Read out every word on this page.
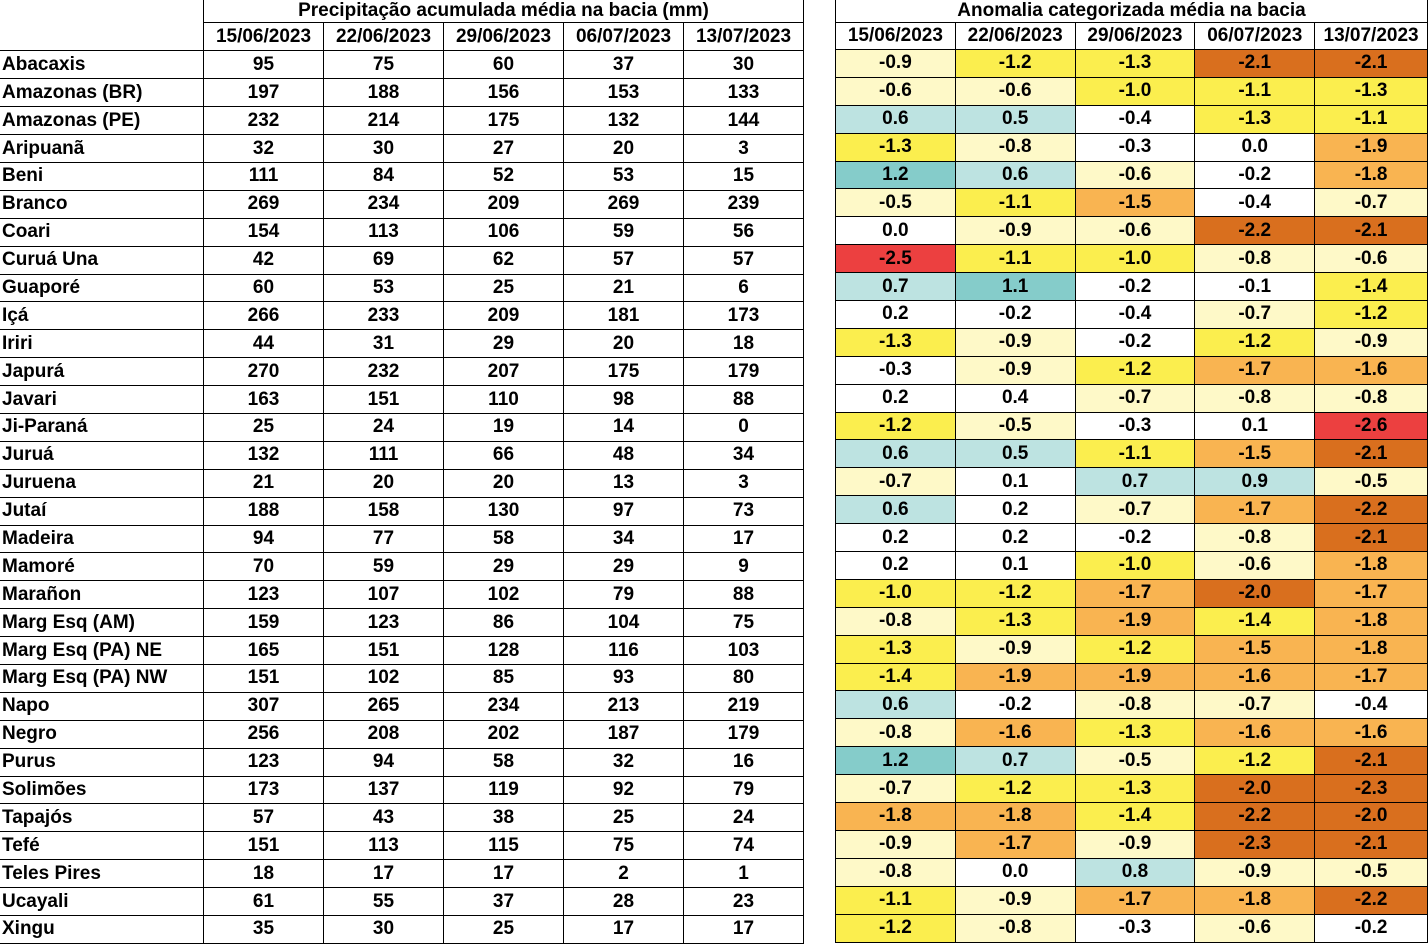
	Precipitação acumulada média na bacia (mm)				
	15/06/2023	22/06/2023	29/06/2023	06/07/2023	13/07/2023
Abacaxis	95	75	60	37	30
Amazonas (BR)	197	188	156	153	133
Amazonas (PE)	232	214	175	132	144
Aripuanã	32	30	27	20	3
Beni	111	84	52	53	15
Branco	269	234	209	269	239
Coari	154	113	106	59	56
Curuá Una	42	69	62	57	57
Guaporé	60	53	25	21	6
Içá	266	233	209	181	173
Iriri	44	31	29	20	18
Japurá	270	232	207	175	179
Javari	163	151	110	98	88
Ji-Paraná	25	24	19	14	0
Juruá	132	111	66	48	34
Juruena	21	20	20	13	3
Jutaí	188	158	130	97	73
Madeira	94	77	58	34	17
Mamoré	70	59	29	29	9
Marañon	123	107	102	79	88
Marg Esq (AM)	159	123	86	104	75
Marg Esq (PA) NE	165	151	128	116	103
Marg Esq (PA) NW	151	102	85	93	80
Napo	307	265	234	213	219
Negro	256	208	202	187	179
Purus	123	94	58	32	16
Solimões	173	137	119	92	79
Tapajós	57	43	38	25	24
Tefé	151	113	115	75	74
Teles Pires	18	17	17	2	1
Ucayali	61	55	37	28	23
Xingu	35	30	25	17	17
Anomalia categorizada média na bacia				
15/06/2023	22/06/2023	29/06/2023	06/07/2023	13/07/2023
-0.9	-1.2	-1.3	-2.1	-2.1
-0.6	-0.6	-1.0	-1.1	-1.3
0.6	0.5	-0.4	-1.3	-1.1
-1.3	-0.8	-0.3	0.0	-1.9
1.2	0.6	-0.6	-0.2	-1.8
-0.5	-1.1	-1.5	-0.4	-0.7
0.0	-0.9	-0.6	-2.2	-2.1
-2.5	-1.1	-1.0	-0.8	-0.6
0.7	1.1	-0.2	-0.1	-1.4
0.2	-0.2	-0.4	-0.7	-1.2
-1.3	-0.9	-0.2	-1.2	-0.9
-0.3	-0.9	-1.2	-1.7	-1.6
0.2	0.4	-0.7	-0.8	-0.8
-1.2	-0.5	-0.3	0.1	-2.6
0.6	0.5	-1.1	-1.5	-2.1
-0.7	0.1	0.7	0.9	-0.5
0.6	0.2	-0.7	-1.7	-2.2
0.2	0.2	-0.2	-0.8	-2.1
0.2	0.1	-1.0	-0.6	-1.8
-1.0	-1.2	-1.7	-2.0	-1.7
-0.8	-1.3	-1.9	-1.4	-1.8
-1.3	-0.9	-1.2	-1.5	-1.8
-1.4	-1.9	-1.9	-1.6	-1.7
0.6	-0.2	-0.8	-0.7	-0.4
-0.8	-1.6	-1.3	-1.6	-1.6
1.2	0.7	-0.5	-1.2	-2.1
-0.7	-1.2	-1.3	-2.0	-2.3
-1.8	-1.8	-1.4	-2.2	-2.0
-0.9	-1.7	-0.9	-2.3	-2.1
-0.8	0.0	0.8	-0.9	-0.5
-1.1	-0.9	-1.7	-1.8	-2.2
-1.2	-0.8	-0.3	-0.6	-0.2
